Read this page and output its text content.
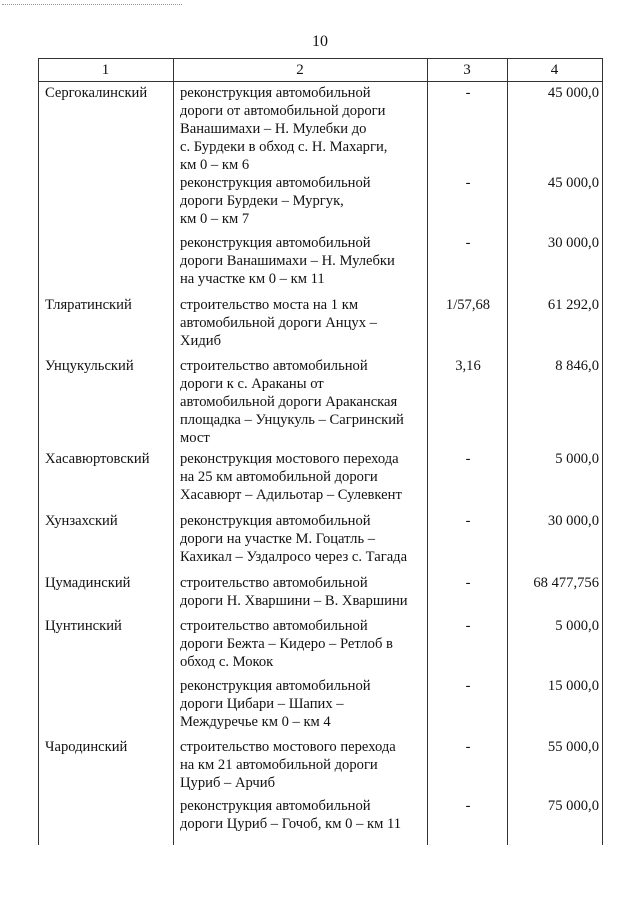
10
1	2	3	4
Сергокалинский	реконструкция автомобильной
дороги от автомобильной дороги
Ванашимахи – Н. Мулебки до
с. Бурдеки в обход с. Н. Махарги,
км 0 – км 6
-	45 000,0
реконструкция автомобильной
дороги Бурдеки – Мургук,
км 0 – км 7
-	45 000,0
реконструкция автомобильной
дороги Ванашимахи – Н. Мулебки
на участке км 0 – км 11
-	30 000,0
Тляратинский	строительство моста на 1 км
автомобильной дороги Анцух –
Хидиб
1/57,68	61 292,0
Унцукульский	строительство автомобильной
дороги к с. Араканы от
автомобильной дороги Араканская
площадка – Унцукуль – Сагринский
мост
3,16	8 846,0
Хасавюртовский	реконструкция мостового перехода
на 25 км автомобильной дороги
Хасавюрт – Адильотар – Сулевкент
-	5 000,0
Хунзахский	реконструкция автомобильной
дороги на участке М. Гоцатль –
Кахикал – Уздалросо через с. Тагада
-	30 000,0
Цумадинский	строительство автомобильной
дороги Н. Хваршини – В. Хваршини
-	68 477,756
Цунтинский	строительство автомобильной
дороги Бежта – Кидеро – Ретлоб в
обход с. Мокок
-	5 000,0
реконструкция автомобильной
дороги Цибари – Шапих –
Междуречье км 0 – км 4
-	15 000,0
Чародинский	строительство мостового перехода
на км 21 автомобильной дороги
Цуриб – Арчиб
-	55 000,0
реконструкция автомобильной
дороги Цуриб – Гочоб, км 0 – км 11
-	75 000,0
